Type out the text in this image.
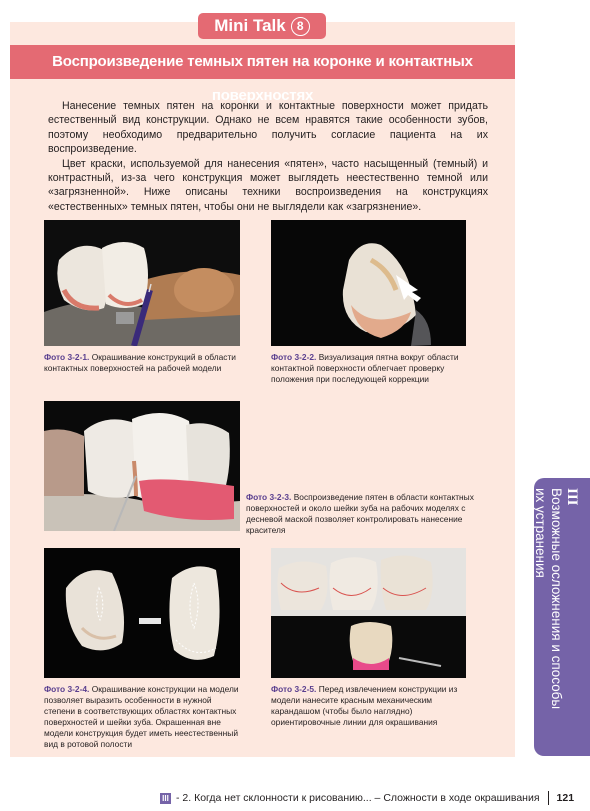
Воспроизведение темных пятен на коронке и контактных поверхностях
Mini Talk 8

Нанесение темных пятен на коронки и контактные поверхности может придать естественный вид конструкции. Однако не всем нравятся такие особенности зубов, поэтому необходимо предварительно получить согласие пациента на их воспроизведение.

Цвет краски, используемой для нанесения «пятен», часто насыщенный (темный) и контрастный, из-за чего конструкция может выглядеть неестественно темной или «загрязненной». Ниже описаны техники воспроизведения на конструкциях «естественных» темных пятен, чтобы они не выглядели как «загрязнение».

Фото 3-2-1. Окрашивание конструкций в области контактных поверхностей на рабочей модели
Фото 3-2-2. Визуализация пятна вокруг области контактной поверхности облегчает проверку положения при последующей коррекции
Фото 3-2-3. Воспроизведение пятен в области контактных поверхностей и около шейки зуба на рабочих моделях с десневой маской позволяет контролировать нанесение красителя
Фото 3-2-4. Окрашивание конструкции на модели позволяет выразить особенности в нужной степени в соответствующих областях контактных поверхностей и шейки зуба. Окрашенная вне модели конструкция будет иметь неестественный вид в ротовой полости
Фото 3-2-5. Перед извлечением конструкции из модели нанесите красным механическим карандашом (чтобы было наглядно) ориентировочные линии для окрашивания
III
Возможные осложнения и способы
их устранения
III - 2. Когда нет склонности к рисованию... – Сложности в ходе окрашивания 121
